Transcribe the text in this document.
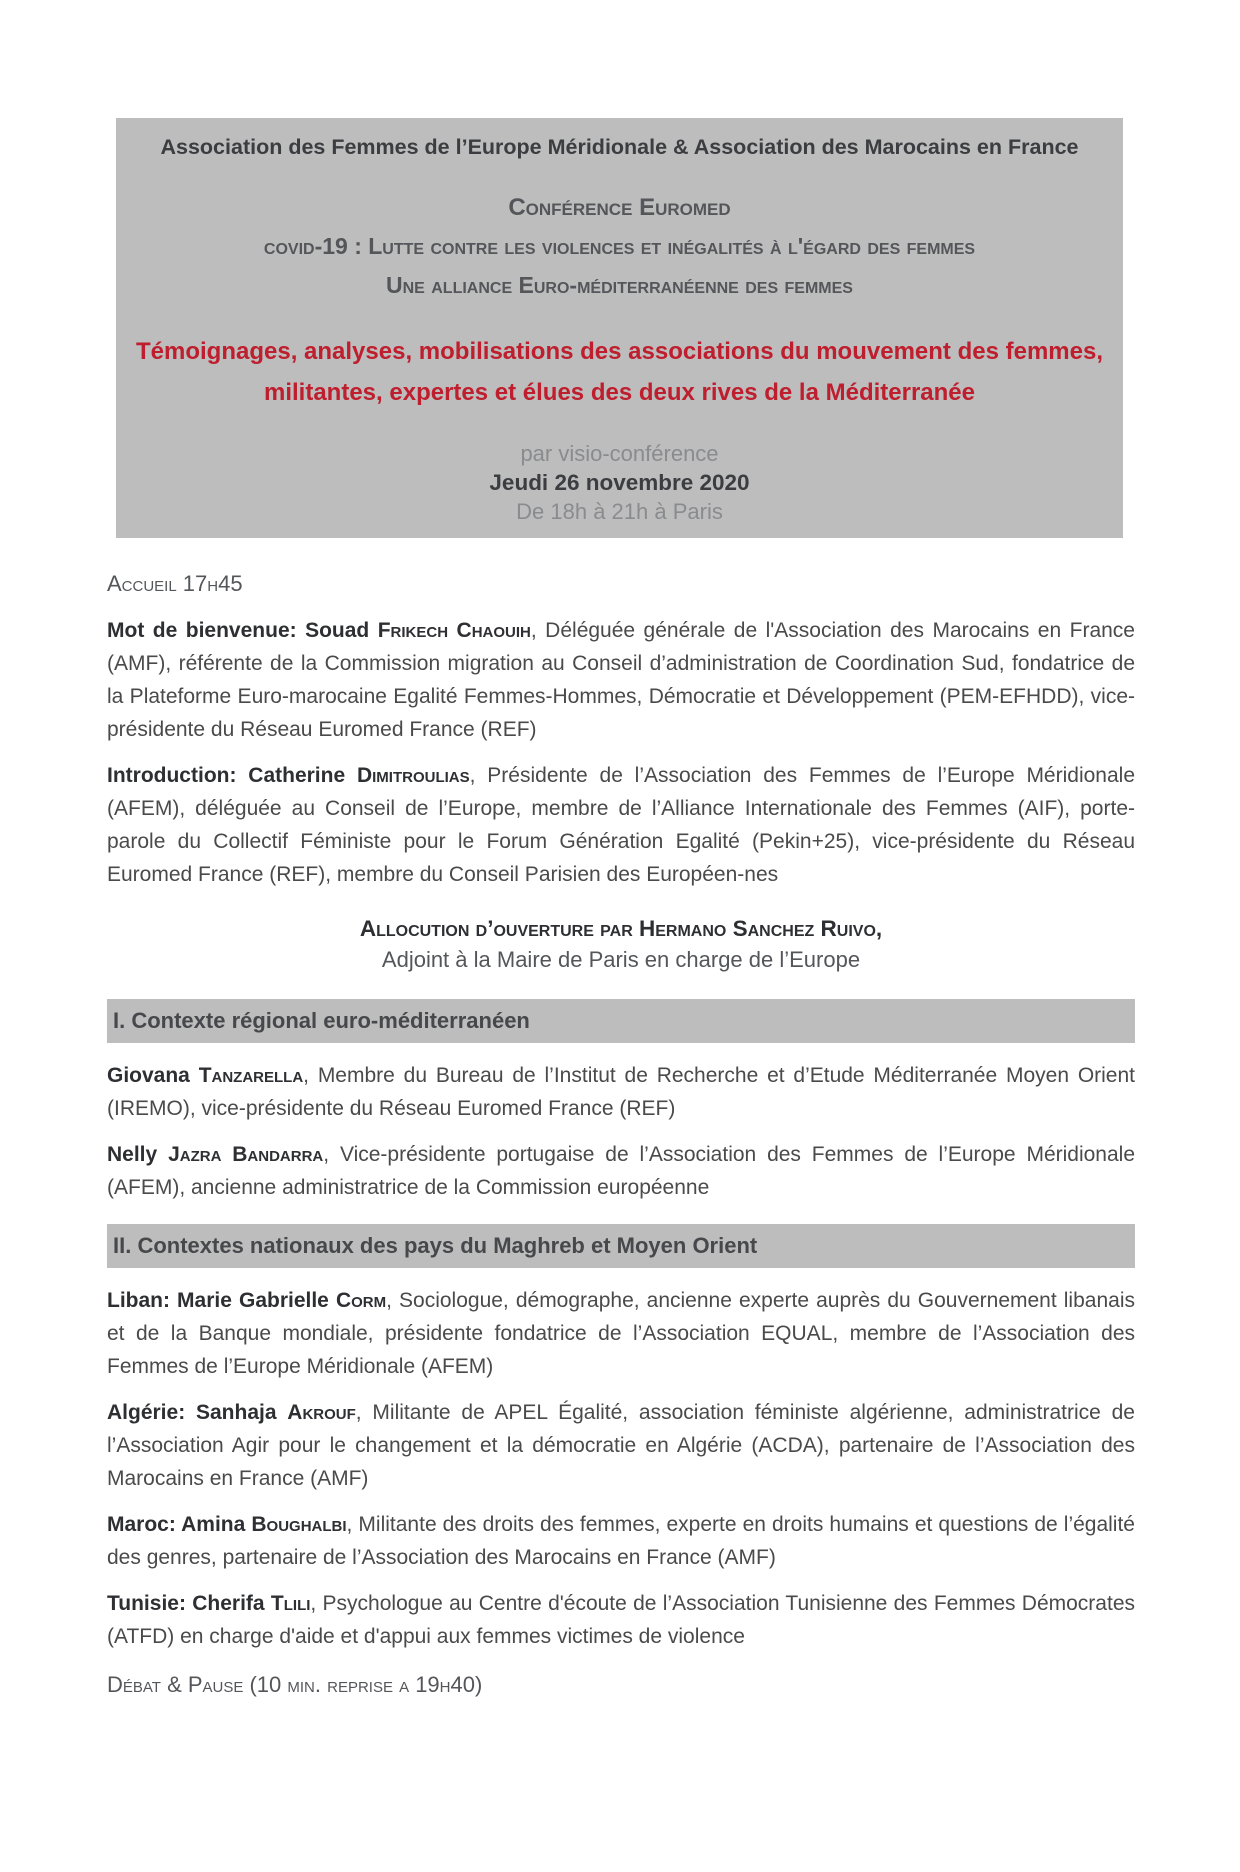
Association des Femmes de l’Europe Méridionale & Association des Marocains en France
Conférence Euromed
covid-19 : Lutte contre les violences et inégalités à l'égard des femmes
Une alliance Euro-méditerranéenne des femmes
Témoignages, analyses, mobilisations des associations du mouvement des femmes, militantes, expertes et élues des deux rives de la Méditerranée
par visio-conférence
Jeudi 26 novembre 2020
De 18h à 21h à Paris
Accueil 17h45

Mot de bienvenue: Souad Frikech Chaouih, Déléguée générale de l'Association des Marocains en France (AMF), référente de la Commission migration au Conseil d’administration de Coordination Sud, fondatrice de la Plateforme Euro-marocaine Egalité Femmes-Hommes, Démocratie et Développement (PEM-EFHDD), vice-présidente du Réseau Euromed France (REF)

Introduction: Catherine Dimitroulias, Présidente de l’Association des Femmes de l’Europe Méridionale (AFEM), déléguée au Conseil de l’Europe, membre de l’Alliance Internationale des Femmes (AIF), porte-parole du Collectif Féministe pour le Forum Génération Egalité (Pekin+25), vice-présidente du Réseau Euromed France (REF), membre du Conseil Parisien des Européen-nes

Allocution d’ouverture par Hermano Sanchez Ruivo,
Adjoint à la Maire de Paris en charge de l’Europe
I. Contexte régional euro-méditerranéen

Giovana Tanzarella, Membre du Bureau de l’Institut de Recherche et d’Etude Méditerranée Moyen Orient (IREMO), vice-présidente du Réseau Euromed France (REF)

Nelly Jazra Bandarra, Vice-présidente portugaise de l’Association des Femmes de l’Europe Méridionale (AFEM), ancienne administratrice de la Commission européenne

II. Contextes nationaux des pays du Maghreb et Moyen Orient

Liban: Marie Gabrielle Corm, Sociologue, démographe, ancienne experte auprès du Gouvernement libanais et de la Banque mondiale, présidente fondatrice de l’Association EQUAL, membre de l’Association des Femmes de l’Europe Méridionale (AFEM)

Algérie: Sanhaja Akrouf, Militante de APEL Égalité, association féministe algérienne, administratrice de l’Association Agir pour le changement et la démocratie en Algérie (ACDA), partenaire de l’Association des Marocains en France (AMF)

Maroc: Amina Boughalbi, Militante des droits des femmes, experte en droits humains et questions de l’égalité des genres, partenaire de l’Association des Marocains en France (AMF)

Tunisie: Cherifa Tlili, Psychologue au Centre d'écoute de l’Association Tunisienne des Femmes Démocrates (ATFD) en charge d'aide et d'appui aux femmes victimes de violence

Débat & Pause (10 min. reprise a 19h40)
